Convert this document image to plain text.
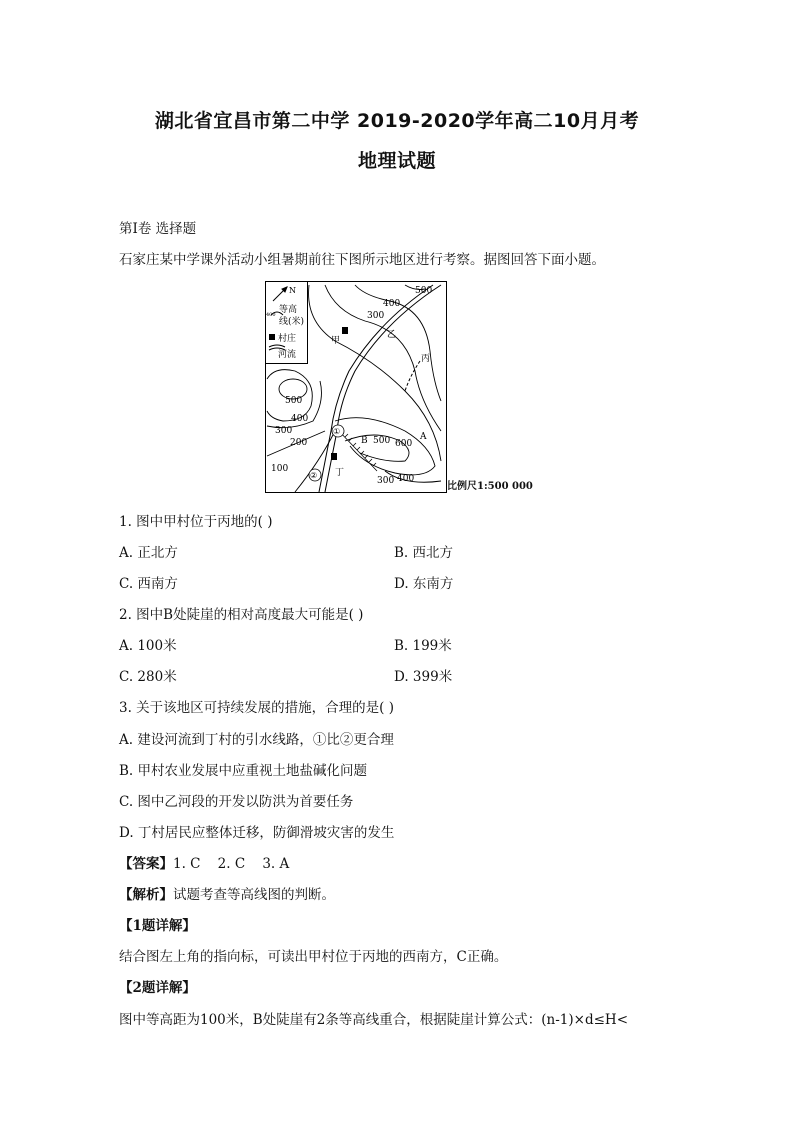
湖北省宜昌市第二中学 2019-2020学年高二10月月考
地理试题
第Ⅰ卷 选择题
石家庄某中学课外活动小组暑期前往下图所示地区进行考察。据图回答下面小题。
N
400 等高
线(米)
村庄
河流
甲
乙
丙
丁
A
B
①
②
500
400
300
500
400
300
200
100
500 600
300 400
比例尺1:500 000
1. 图中甲村位于丙地的( )
A. 正北方	B. 西北方
C. 西南方	D. 东南方
2. 图中B处陡崖的相对高度最大可能是( )
A. 100米	B. 199米
C. 280米	D. 399米
3. 关于该地区可持续发展的措施，合理的是( )
A. 建设河流到丁村的引水线路，①比②更合理
B. 甲村农业发展中应重视土地盐碱化问题
C. 图中乙河段的开发以防洪为首要任务
D. 丁村居民应整体迁移，防御滑坡灾害的发生
【答案】1. C    2. C    3. A
【解析】试题考查等高线图的判断。
【1题详解】
结合图左上角的指向标，可读出甲村位于丙地的西南方，C正确。
【2题详解】
图中等高距为100米，B处陡崖有2条等高线重合，根据陡崖计算公式：(n-1)×d≤H<
